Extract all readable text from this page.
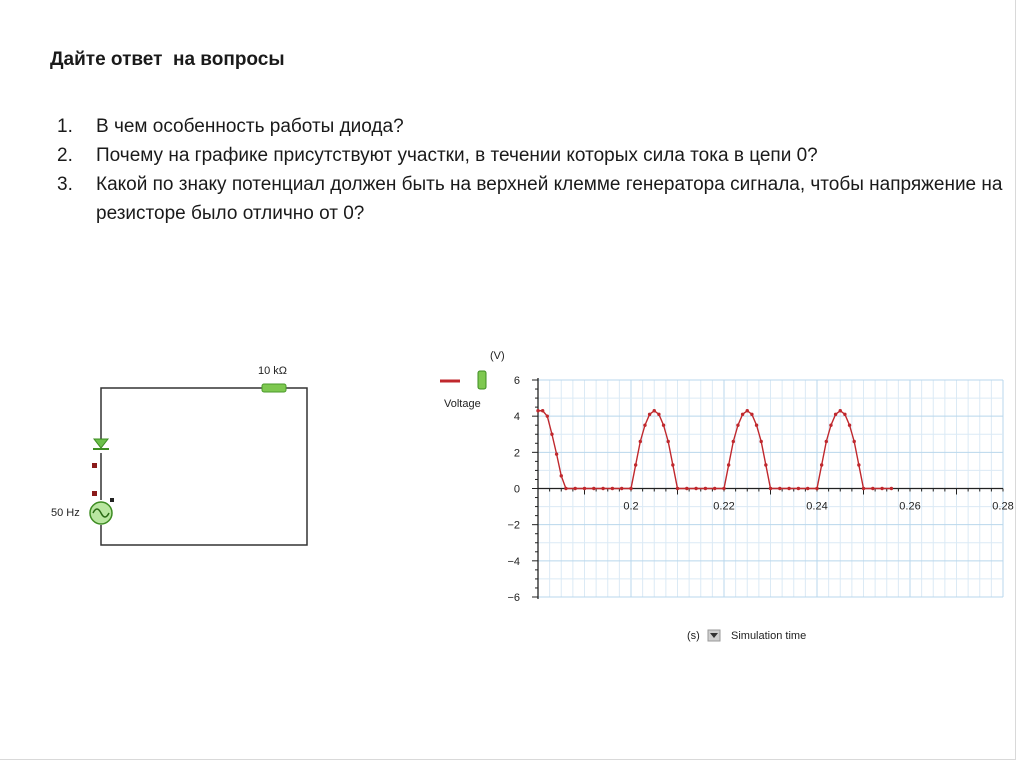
Дайте ответ  на вопросы
1. В чем особенность работы диода?
2. Почему на графике присутствуют участки, в течении которых сила тока в цепи 0?
3. Какой по знаку потенциал должен быть на верхней клемме генератора сигнала, чтобы напряжение на резисторе было отлично от 0?
10 kΩ
50 Hz
0.2	0.22	0.24	0.26	0.28
6
4
2
0
−2
−4
−6
(V)
Voltage
(s)	Simulation time
